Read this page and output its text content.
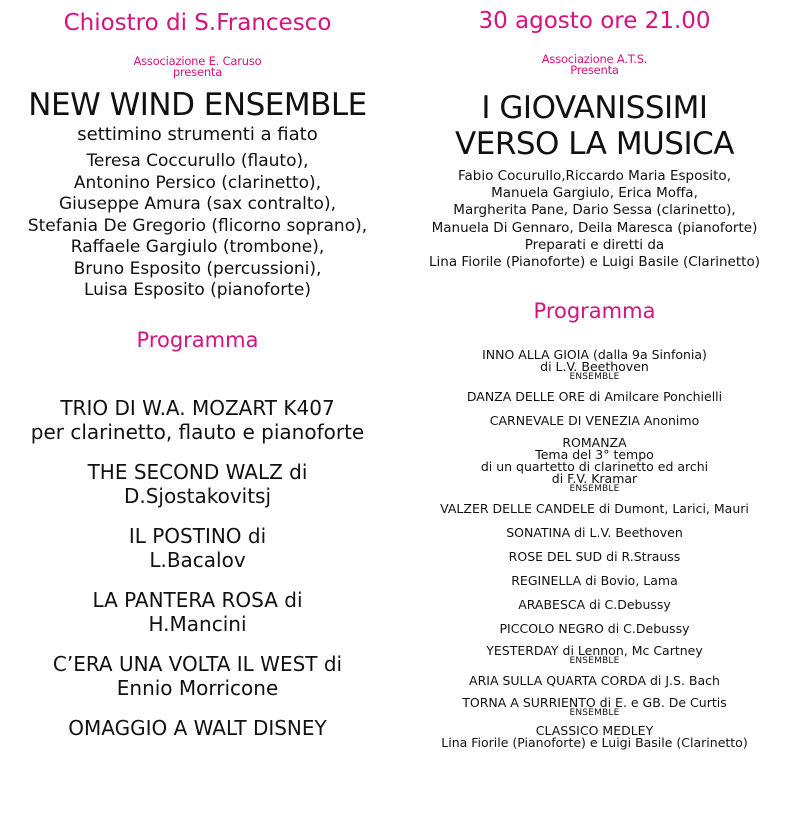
Chiostro di S.Francesco
Associazione E. Caruso
presenta
NEW WIND ENSEMBLE
settimino strumenti a fiato
Teresa Coccurullo (flauto),
Antonino Persico (clarinetto),
Giuseppe Amura (sax contralto),
Stefania De Gregorio (flicorno soprano),
Raffaele Gargiulo (trombone),
Bruno Esposito (percussioni),
Luisa Esposito (pianoforte)
Programma
TRIO DI W.A. MOZART K407
per clarinetto, flauto e pianoforte
THE SECOND WALZ di
D.Sjostakovitsj
IL POSTINO di
L.Bacalov
LA PANTERA ROSA di
H.Mancini
C’ERA UNA VOLTA IL WEST di
Ennio Morricone
OMAGGIO A WALT DISNEY
30 agosto ore 21.00
Associazione A.T.S.
Presenta
I GIOVANISSIMI
VERSO LA MUSICA
Fabio Cocurullo,Riccardo Maria Esposito,
Manuela Gargiulo, Erica Moffa,
Margherita Pane, Dario Sessa (clarinetto),
Manuela Di Gennaro, Deila Maresca (pianoforte)
Preparati e diretti da
Lina Fiorile (Pianoforte) e Luigi Basile (Clarinetto)
Programma
INNO ALLA GIOIA (dalla 9a Sinfonia)
di L.V. Beethoven
ENSEMBLE
DANZA DELLE ORE di Amilcare Ponchielli
CARNEVALE DI VENEZIA Anonimo
ROMANZA
Tema del 3° tempo
di un quartetto di clarinetto ed archi
di F.V. Kramar
ENSEMBLE
VALZER DELLE CANDELE di Dumont, Larici, Mauri
SONATINA di L.V. Beethoven
ROSE DEL SUD di R.Strauss
REGINELLA di Bovio, Lama
ARABESCA di C.Debussy
PICCOLO NEGRO di C.Debussy
YESTERDAY di Lennon, Mc Cartney
ENSEMBLE
ARIA SULLA QUARTA CORDA di J.S. Bach
TORNA A SURRIENTO di E. e GB. De Curtis
ENSEMBLE
CLASSICO MEDLEY
Lina Fiorile (Pianoforte) e Luigi Basile (Clarinetto)
